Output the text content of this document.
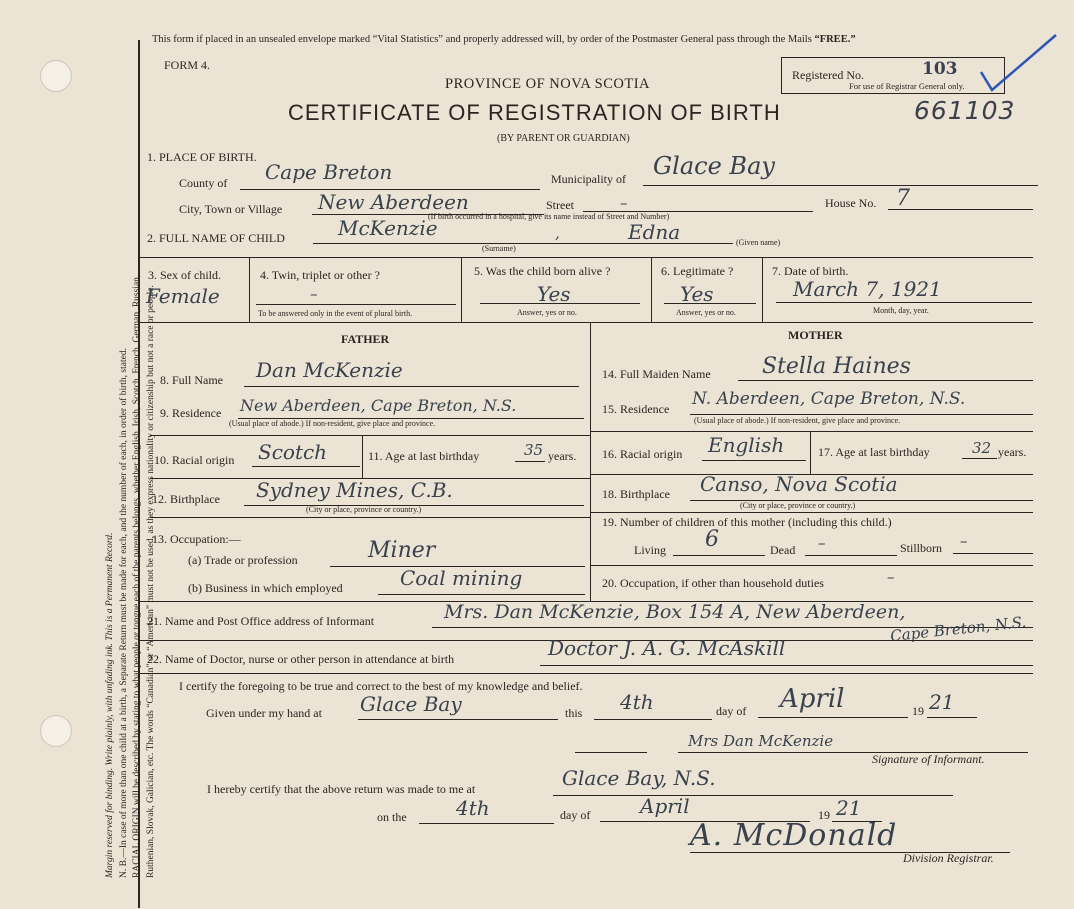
Margin reserved for binding. Write plainly, with unfading ink. This is a Permanent Record. N. B.—In case of more than one child at a birth, a Separate Return must be made for each, and the number of each, in order of birth, stated. RACIAL ORIGIN will be described by stating to what people or tongue each of the parents belongs, whether English, Irish, Scotch, French, German, Russian, Ruthenian, Slovak, Galician, etc. The words “Canadian” or “American” must not be used, as they express nationality or citizenship but not a race or people.
This form if placed in an unsealed envelope marked “Vital Statistics” and properly addressed will, by order of the Postmaster General pass through the Mails “FREE.”
FORM 4.
PROVINCE OF NOVA SCOTIA
CERTIFICATE OF REGISTRATION OF BIRTH
(BY PARENT OR GUARDIAN)
Registered No.	103
For use of Registrar General only.
661103
1. PLACE OF BIRTH.
County of Cape Breton	Municipality of Glace Bay
City, Town or Village New Aberdeen	Street	–	House No. 7
(If birth occurred in a hospital, give its name instead of Street and Number)
2. FULL NAME OF CHILD	McKenzie	,	Edna
(Surname)
(Given name)
3. Sex of child.
Female
4. Twin, triplet or other ?
–
To be answered only in the event of plural birth.
5. Was the child born alive ?
Yes
Answer, yes or no.
6. Legitimate ?
Yes
Answer, yes or no.
7. Date of birth.
March 7, 1921
Month, day, year.
FATHER	MOTHER
8. Full Name Dan McKenzie
9. Residence New Aberdeen, Cape Breton, N.S.
(Usual place of abode.) If non-resident, give place and province.
10. Racial origin Scotch	11. Age at last birthday	35 years.
12. Birthplace Sydney Mines, C.B.
(City or place, province or country.)
13. Occupation:—
(a) Trade or profession	Miner
(b) Business in which employed	Coal mining
14. Full Maiden Name Stella Haines
15. Residence N. Aberdeen, Cape Breton, N.S.
(Usual place of abode.) If non-resident, give place and province.
16. Racial origin English	17. Age at last birthday	32 years.
18. Birthplace Canso, Nova Scotia
(City or place, province or country.)
19. Number of children of this mother (including this child.)
Living 6	Dead –	Stillborn –
20. Occupation, if other than household duties	–
21. Name and Post Office address of Informant	Mrs. Dan McKenzie, Box 154 A, New Aberdeen,
Cape Breton, N.S.
22. Name of Doctor, nurse or other person in attendance at birth	Doctor J. A. G. McAskill
I certify the foregoing to be true and correct to the best of my knowledge and belief.
Given under my hand at Glace Bay	this 4th	day of April	19 21
Mrs Dan McKenzie
Signature of Informant.
I hereby certify that the above return was made to me at	Glace Bay, N.S.
on the 4th	day of April	19 21
A. McDonald
Division Registrar.
